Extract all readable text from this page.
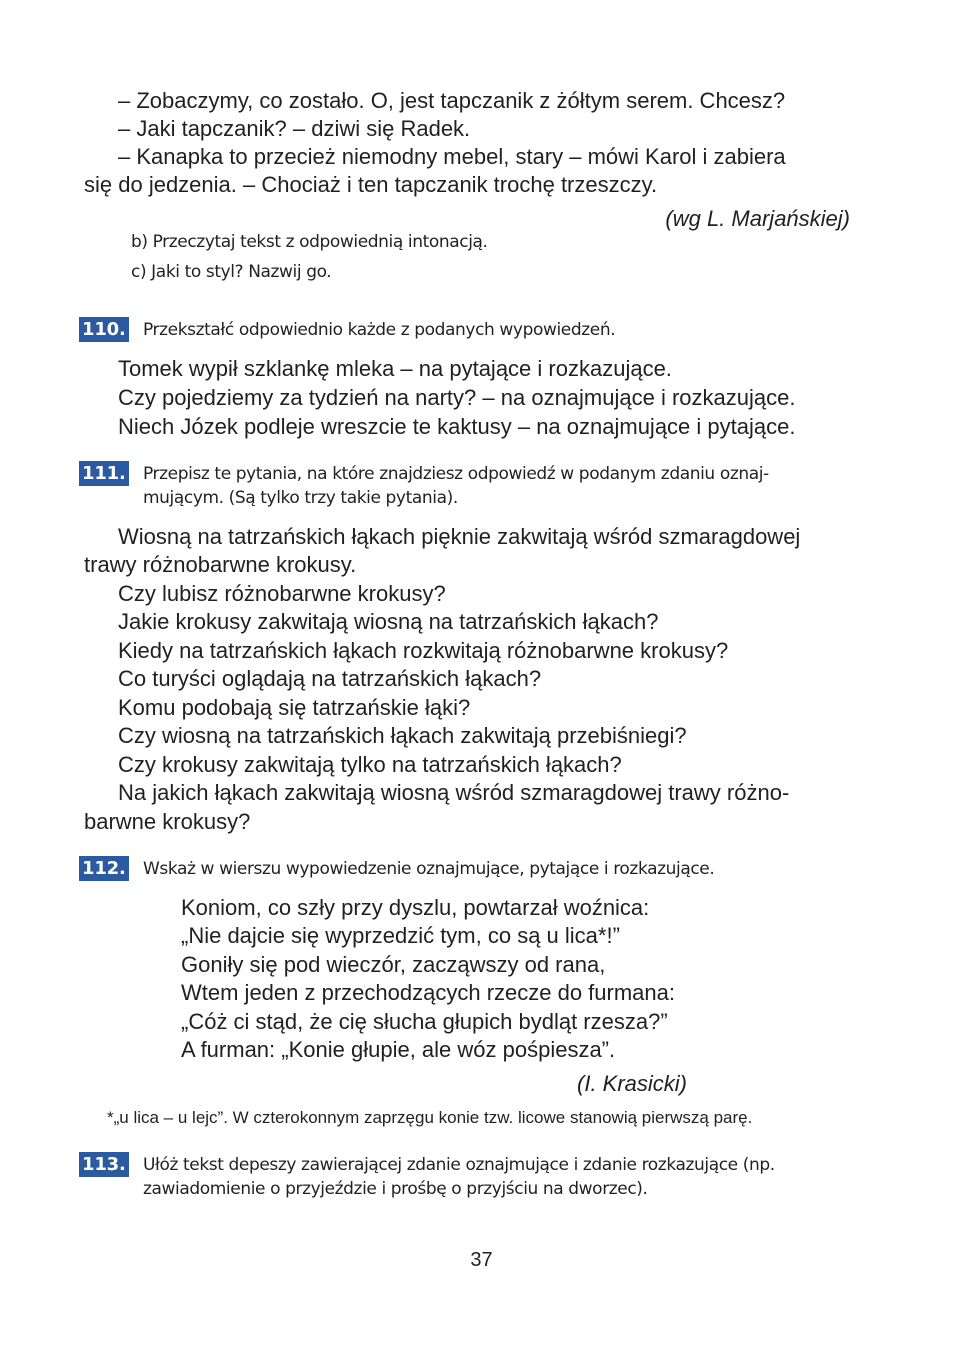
– Zobaczymy, co zostało. O, jest tapczanik z żółtym serem. Chcesz?
– Jaki tapczanik? – dziwi się Radek.
– Kanapka to przecież niemodny mebel, stary – mówi Karol i zabiera
się do jedzenia. – Chociaż i ten tapczanik trochę trzeszczy.
(wg L. Marjańskiej)
b) Przeczytaj tekst z odpowiednią intonacją.
c) Jaki to styl? Nazwij go.
110. Przekształć odpowiednio każde z podanych wypowiedzeń.
Tomek wypił szklankę mleka – na pytające i rozkazujące.
Czy pojedziemy za tydzień na narty? – na oznajmujące i rozkazujące.
Niech Józek podleje wreszcie te kaktusy – na oznajmujące i pytające.
111. Przepisz te pytania, na które znajdziesz odpowiedź w podanym zdaniu oznaj-
mującym. (Są tylko trzy takie pytania).
Wiosną na tatrzańskich łąkach pięknie zakwitają wśród szmaragdowej
trawy różnobarwne krokusy.
Czy lubisz różnobarwne krokusy?
Jakie krokusy zakwitają wiosną na tatrzańskich łąkach?
Kiedy na tatrzańskich łąkach rozkwitają różnobarwne krokusy?
Co turyści oglądają na tatrzańskich łąkach?
Komu podobają się tatrzańskie łąki?
Czy wiosną na tatrzańskich łąkach zakwitają przebiśniegi?
Czy krokusy zakwitają tylko na tatrzańskich łąkach?
Na jakich łąkach zakwitają wiosną wśród szmaragdowej trawy różno-
barwne krokusy?
112. Wskaż w wierszu wypowiedzenie oznajmujące, pytające i rozkazujące.
Koniom, co szły przy dyszlu, powtarzał woźnica:
„Nie dajcie się wyprzedzić tym, co są u lica*!”
Goniły się pod wieczór, zacząwszy od rana,
Wtem jeden z przechodzących rzecze do furmana:
„Cóż ci stąd, że cię słucha głupich bydląt rzesza?”
A furman: „Konie głupie, ale wóz pośpiesza”.
(I. Krasicki)
*„u lica – u lejc”. W czterokonnym zaprzęgu konie tzw. licowe stanowią pierwszą parę.
113. Ułóż tekst depeszy zawierającej zdanie oznajmujące i zdanie rozkazujące (np.
zawiadomienie o przyjeździe i prośbę o przyjściu na dworzec).
37
